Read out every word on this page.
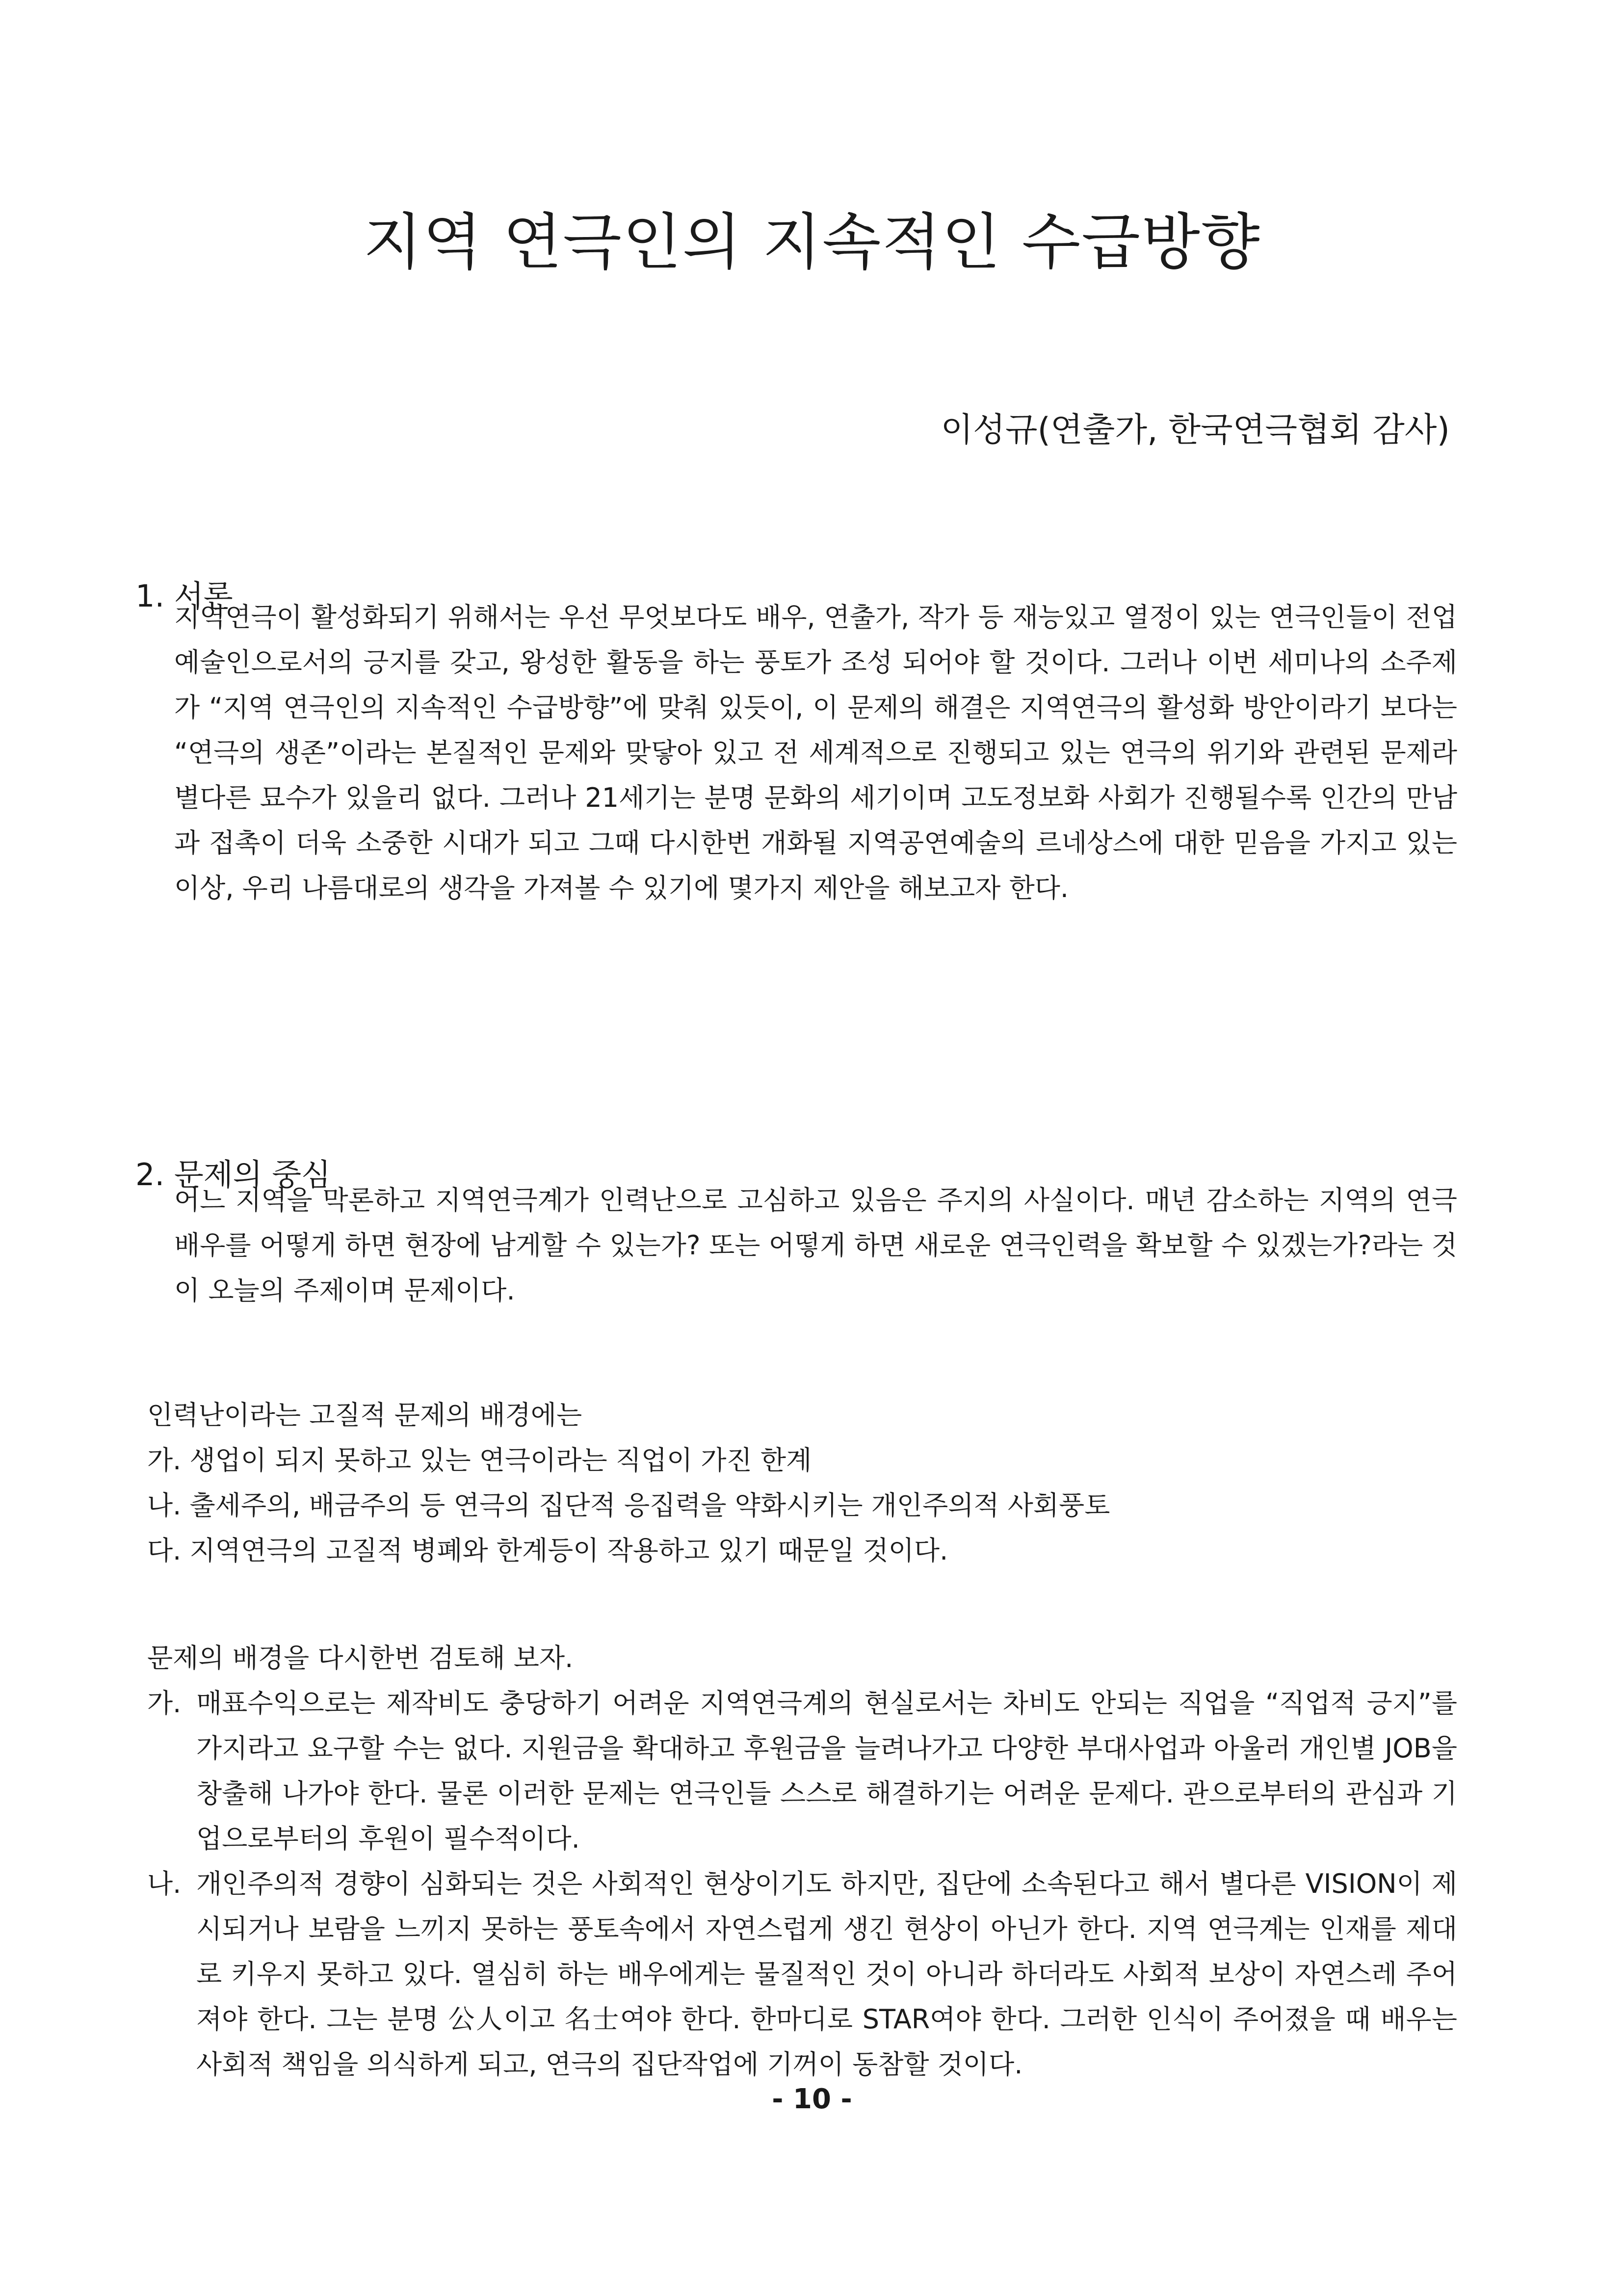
지역 연극인의 지속적인 수급방향
이성규(연출가, 한국연극협회 감사)
1. 서론

지역연극이 활성화되기 위해서는 우선 무엇보다도 배우, 연출가, 작가 등 재능있고 열정이 있는 연극인들이 전업예술인으로서의 긍지를 갖고, 왕성한 활동을 하는 풍토가 조성 되어야 할 것이다. 그러나 이번 세미나의 소주제가 “지역 연극인의 지속적인 수급방향”에 맞춰 있듯이, 이 문제의 해결은 지역연극의 활성화 방안이라기 보다는 “연극의 생존”이라는 본질적인 문제와 맞닿아 있고 전 세계적으로 진행되고 있는 연극의 위기와 관련된 문제라 별다른 묘수가 있을리 없다. 그러나 21세기는 분명 문화의 세기이며 고도정보화 사회가 진행될수록 인간의 만남과 접촉이 더욱 소중한 시대가 되고 그때 다시한번 개화될 지역공연예술의 르네상스에 대한 믿음을 가지고 있는 이상, 우리 나름대로의 생각을 가져볼 수 있기에 몇가지 제안을 해보고자 한다.

2. 문제의 중심

어느 지역을 막론하고 지역연극계가 인력난으로 고심하고 있음은 주지의 사실이다. 매년 감소하는 지역의 연극배우를 어떻게 하면 현장에 남게할 수 있는가? 또는 어떻게 하면 새로운 연극인력을 확보할 수 있겠는가?라는 것이 오늘의 주제이며 문제이다.

인력난이라는 고질적 문제의 배경에는
가. 생업이 되지 못하고 있는 연극이라는 직업이 가진 한계
나. 출세주의, 배금주의 등 연극의 집단적 응집력을 약화시키는 개인주의적 사회풍토
다. 지역연극의 고질적 병폐와 한계등이 작용하고 있기 때문일 것이다.
문제의 배경을 다시한번 검토해 보자.
가. 매표수익으로는 제작비도 충당하기 어려운 지역연극계의 현실로서는 차비도 안되는 직업을 “직업적 긍지”를 가지라고 요구할 수는 없다. 지원금을 확대하고 후원금을 늘려나가고 다양한 부대사업과 아울러 개인별 JOB을 창출해 나가야 한다. 물론 이러한 문제는 연극인들 스스로 해결하기는 어려운 문제다. 관으로부터의 관심과 기업으로부터의 후원이 필수적이다.
나. 개인주의적 경향이 심화되는 것은 사회적인 현상이기도 하지만, 집단에 소속된다고 해서 별다른 VISION이 제시되거나 보람을 느끼지 못하는 풍토속에서 자연스럽게 생긴 현상이 아닌가 한다. 지역 연극계는 인재를 제대로 키우지 못하고 있다. 열심히 하는 배우에게는 물질적인 것이 아니라 하더라도 사회적 보상이 자연스레 주어져야 한다. 그는 분명 公人이고 名士여야 한다. 한마디로 STAR여야 한다. 그러한 인식이 주어졌을 때 배우는 사회적 책임을 의식하게 되고, 연극의 집단작업에 기꺼이 동참할 것이다.
- 10 -
